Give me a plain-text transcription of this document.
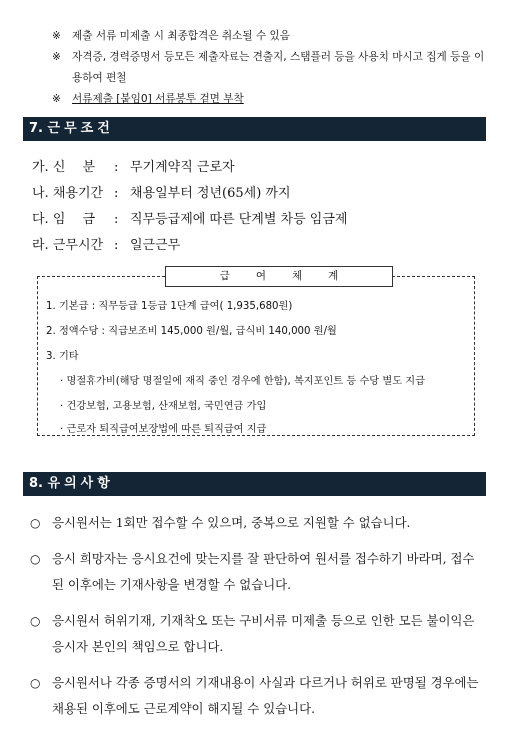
※ 제출 서류 미제출 시 최종합격은 취소될 수 있음
※ 자격증, 경력증명서 등모든 제출자료는 견출지, 스탬플러 등을 사용치 마시고 집게 등을 이용하여 편철
※ 서류제출 [붙임0] 서류봉투 겉면 부착
7. 근무조건
가. 신　 분 : 무기계약직 근로자
나. 채용기간 : 채용일부터 정년(65세) 까지
다. 임　 금 : 직무등급제에 따른 단계별 차등 임금제
라. 근무시간 : 일근근무
급여체계
1. 기본급 : 직무등급 1등급 1단계 급여( 1,935,680원)
2. 정액수당 : 직급보조비 145,000 원/월, 급식비 140,000 원/월
3. 기타
· 명절휴가비(해당 명절일에 재직 중인 경우에 한함), 복지포인트 등 수당 별도 지급
· 건강보험, 고용보험, 산재보험, 국민연금 가입
· 근로자 퇴직급여보장법에 따른 퇴직급여 지급
8. 유의사항
○ 응시원서는 1회만 접수할 수 있으며, 중복으로 지원할 수 없습니다.
○ 응시 희망자는 응시요건에 맞는지를 잘 판단하여 원서를 접수하기 바라며, 접수된 이후에는 기재사항을 변경할 수 없습니다.
○ 응시원서 허위기재, 기재착오 또는 구비서류 미제출 등으로 인한 모든 불이익은 응시자 본인의 책임으로 합니다.
○ 응시원서나 각종 증명서의 기재내용이 사실과 다르거나 허위로 판명될 경우에는 채용된 이후에도 근로계약이 해지될 수 있습니다.
